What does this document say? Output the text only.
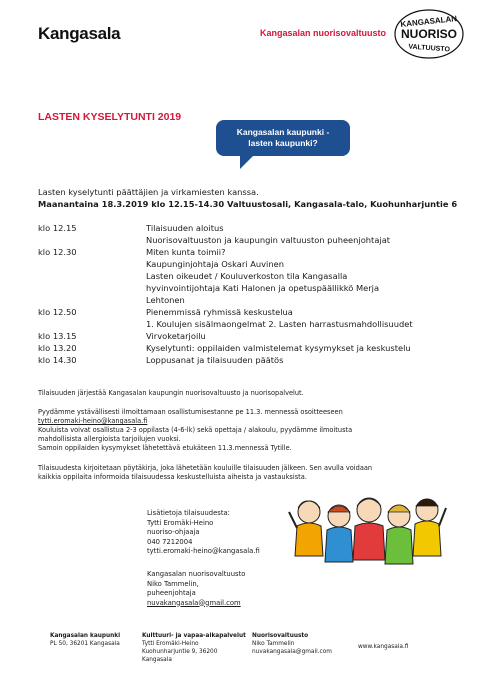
Kangasala	Kangasalan nuorisovaltuusto
KANGASALAN
NUORISO
VALTUUSTO
LASTEN KYSELYTUNTI 2019
Kangasalan kaupunki -
lasten kaupunki?
Lasten kyselytunti päättäjien ja virkamiesten kanssa.
Maanantaina 18.3.2019 klo 12.15-14.30 Valtuustosali, Kangasala-talo, Kuohunharjuntie 6
klo 12.15	Tilaisuuden aloitus
Nuorisovaltuuston ja kaupungin valtuuston puheenjohtajat
klo 12.30	Miten kunta toimii?
Kaupunginjohtaja Oskari Auvinen
Lasten oikeudet / Kouluverkoston tila Kangasalla
hyvinvointijohtaja Kati Halonen ja opetuspäällikkö Merja
Lehtonen
klo 12.50	Pienemmissä ryhmissä keskustelua
1. Koulujen sisälmaongelmat 2. Lasten harrastusmahdollisuudet
klo 13.15	Virvoketarjoilu
klo 13.20	Kyselytunti: oppilaiden valmistelemat kysymykset ja keskustelu
klo 14.30	Loppusanat ja tilaisuuden päätös
Tilaisuuden järjestää Kangasalan kaupungin nuorisovaltuusto ja nuorisopalvelut.
Pyydämme ystävällisesti ilmoittamaan osallistumisestanne pe 11.3. mennessä osoitteeseen
tytti.eromaki-heino@kangasala.fi
Kouluista voivat osallistua 2-3 oppilasta (4-6-lk) sekä opettaja / alakoulu, pyydämme ilmoitusta
mahdollisista allergioista tarjoilujen vuoksi.
Samoin oppilaiden kysymykset lähetettävä etukäteen 11.3.mennessä Tytille.
Tilaisuudesta kirjoitetaan pöytäkirja, joka lähetetään kouluille tilaisuuden jälkeen. Sen avulla voidaan
kaikkia oppilaita informoida tilaisuudessa keskustelluista aiheista ja vastauksista.
Lisätietoja tilaisuudesta:
Tytti Eromäki-Heino
nuoriso-ohjaaja
040 7212004
tytti.eromaki-heino@kangasala.fi
Kangasalan nuorisovaltuusto
Niko Tammelin,
puheenjohtaja
nuvakangasala@gmail.com
Kangasalan kaupunki
PL 50, 36201 Kangasala
Kulttuuri- ja vapaa-aikapalvelut
Tytti Eromäki-Heino
Kuohunharjuntie 9, 36200
Kangasala
Nuorisovaltuusto
Niko Tammelin
nuvakangasala@gmail.com
www.kangasala.fi
